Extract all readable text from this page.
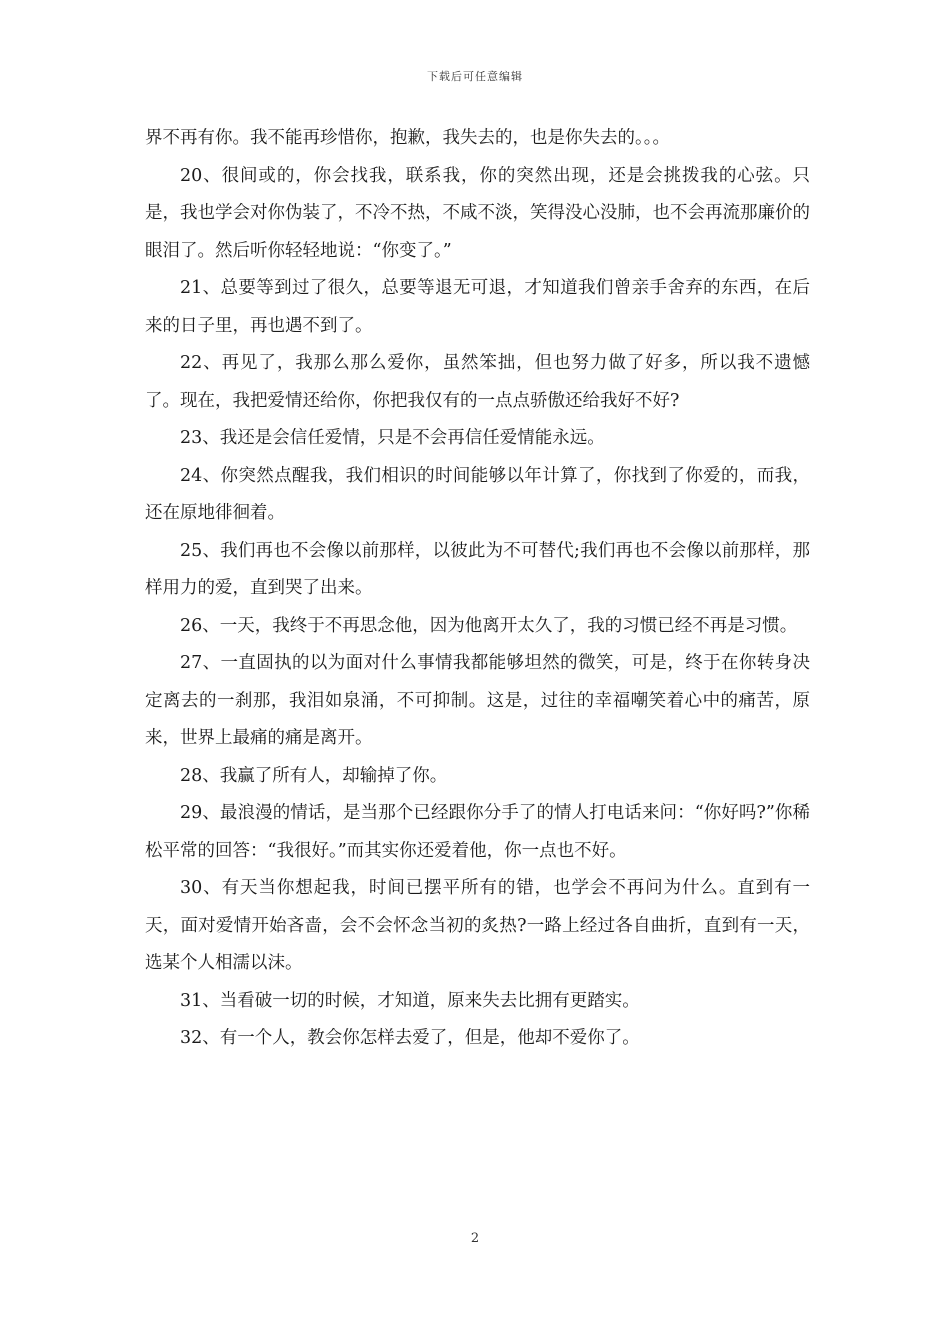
下载后可任意编辑

界不再有你。我不能再珍惜你，抱歉，我失去的，也是你失去的。。。

20、很间或的，你会找我，联系我，你的突然出现，还是会挑拨我的心弦。只是，我也学会对你伪装了，不冷不热，不咸不淡，笑得没心没肺，也不会再流那廉价的眼泪了。然后听你轻轻地说：“你变了。”

21、总要等到过了很久，总要等退无可退，才知道我们曾亲手舍弃的东西，在后来的日子里，再也遇不到了。

22、再见了，我那么那么爱你，虽然笨拙，但也努力做了好多，所以我不遗憾了。现在，我把爱情还给你，你把我仅有的一点点骄傲还给我好不好?

23、我还是会信任爱情，只是不会再信任爱情能永远。

24、你突然点醒我，我们相识的时间能够以年计算了，你找到了你爱的，而我，还在原地徘徊着。

25、我们再也不会像以前那样，以彼此为不可替代;我们再也不会像以前那样，那样用力的爱，直到哭了出来。

26、一天，我终于不再思念他，因为他离开太久了，我的习惯已经不再是习惯。

27、一直固执的以为面对什么事情我都能够坦然的微笑，可是，终于在你转身决定离去的一刹那，我泪如泉涌，不可抑制。这是，过往的幸福嘲笑着心中的痛苦，原来，世界上最痛的痛是离开。

28、我赢了所有人，却输掉了你。

29、最浪漫的情话，是当那个已经跟你分手了的情人打电话来问：“你好吗?”你稀松平常的回答：“我很好。”而其实你还爱着他，你一点也不好。

30、有天当你想起我，时间已摆平所有的错，也学会不再问为什么。直到有一天，面对爱情开始吝啬，会不会怀念当初的炙热?一路上经过各自曲折，直到有一天，选某个人相濡以沫。

31、当看破一切的时候，才知道，原来失去比拥有更踏实。

32、有一个人，教会你怎样去爱了，但是，他却不爱你了。

2
